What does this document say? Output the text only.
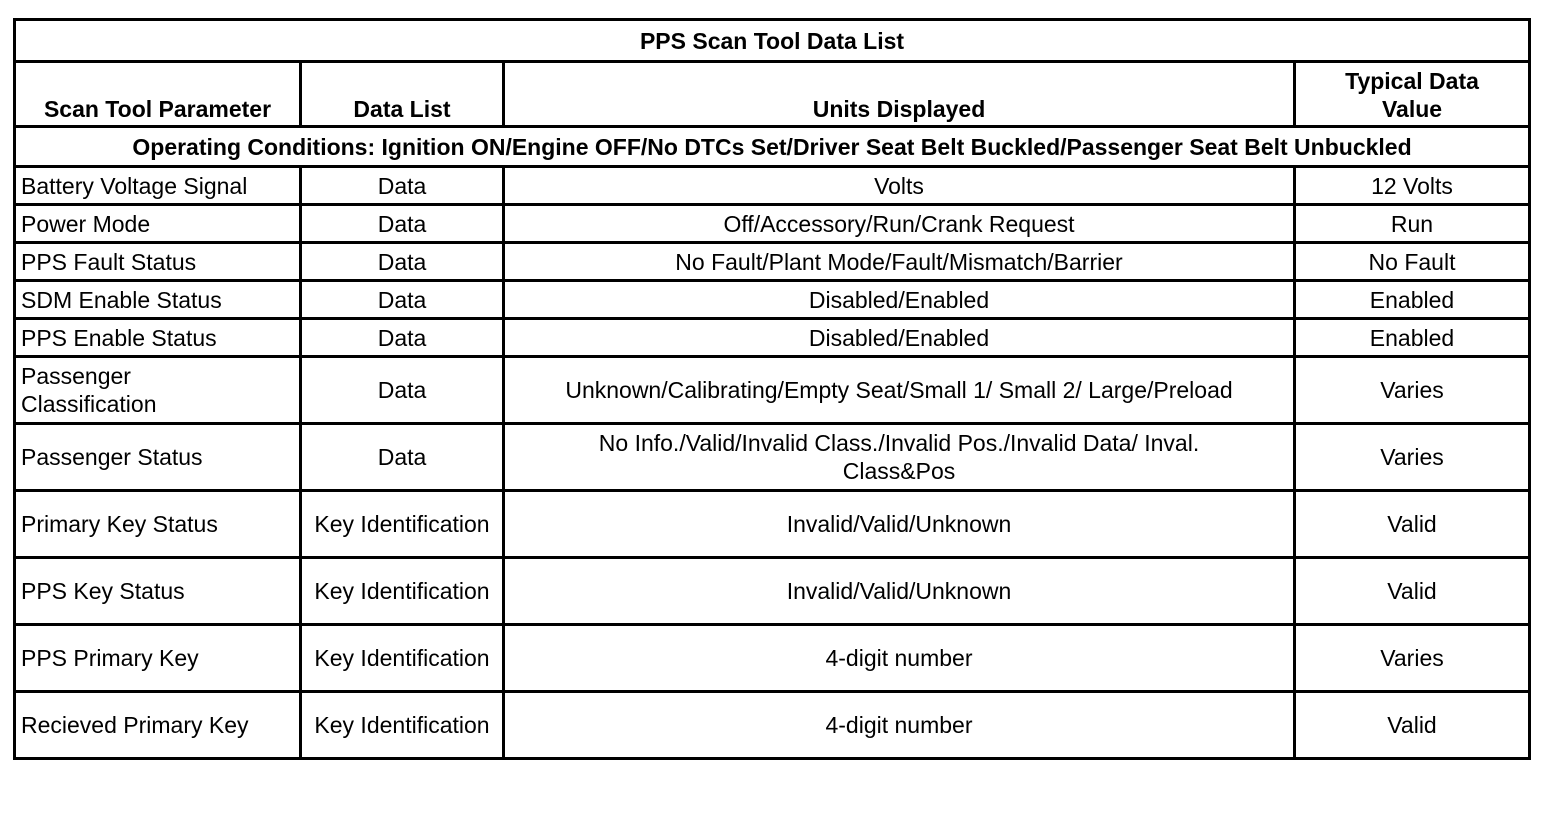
PPS Scan Tool Data List			
Scan Tool Parameter	Data List	Units Displayed	Typical Data Value
Operating Conditions: Ignition ON/Engine OFF/No DTCs Set/Driver Seat Belt Buckled/Passenger Seat Belt Unbuckled			
Battery Voltage Signal	Data	Volts	12 Volts
Power Mode	Data	Off/Accessory/Run/Crank Request	Run
PPS Fault Status	Data	No Fault/Plant Mode/Fault/Mismatch/Barrier	No Fault
SDM Enable Status	Data	Disabled/Enabled	Enabled
PPS Enable Status	Data	Disabled/Enabled	Enabled
Passenger Classification	Data	Unknown/Calibrating/Empty Seat/Small 1/ Small 2/ Large/Preload	Varies
Passenger Status	Data	No Info./Valid/Invalid Class./Invalid Pos./Invalid Data/ Inval. Class&Pos	Varies
Primary Key Status	Key Identification	Invalid/Valid/Unknown	Valid
PPS Key Status	Key Identification	Invalid/Valid/Unknown	Valid
PPS Primary Key	Key Identification	4-digit number	Varies
Recieved Primary Key	Key Identification	4-digit number	Valid
